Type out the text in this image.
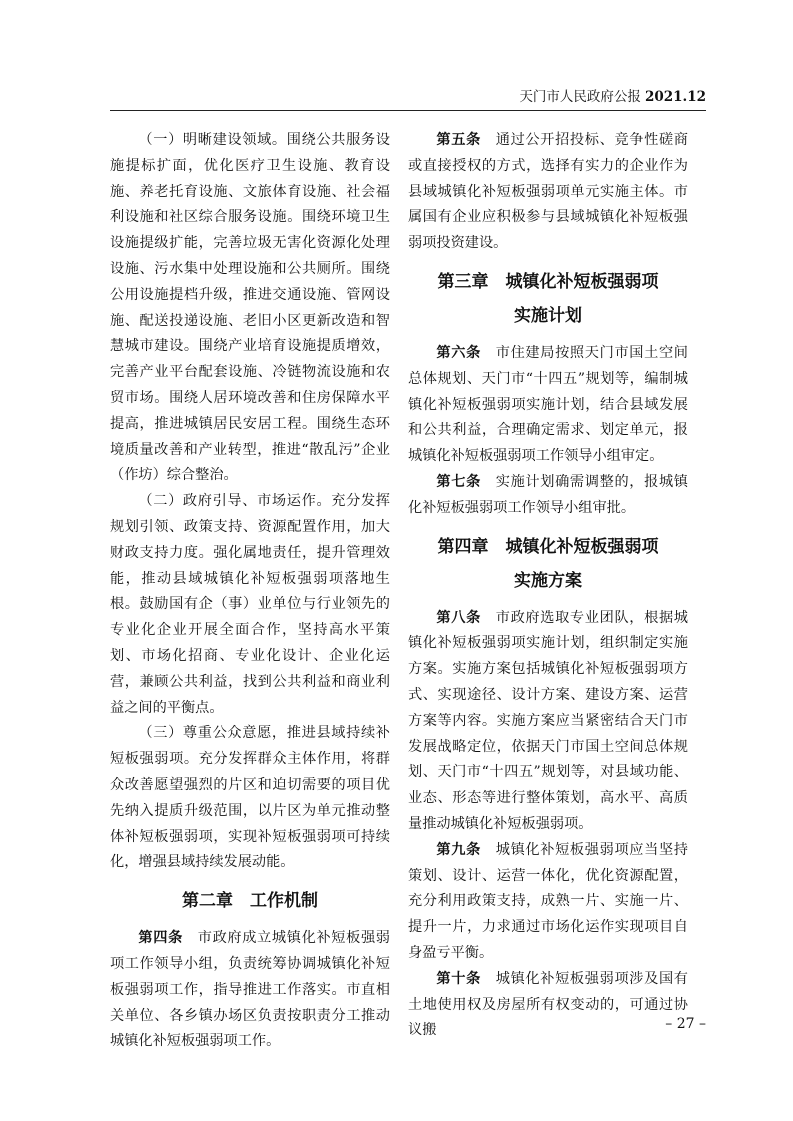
天门市人民政府公报 2021.12

（一）明晰建设领域。围绕公共服务设施提标扩面，优化医疗卫生设施、教育设施、养老托育设施、文旅体育设施、社会福利设施和社区综合服务设施。围绕环境卫生设施提级扩能，完善垃圾无害化资源化处理设施、污水集中处理设施和公共厕所。围绕公用设施提档升级，推进交通设施、管网设施、配送投递设施、老旧小区更新改造和智慧城市建设。围绕产业培育设施提质增效，完善产业平台配套设施、冷链物流设施和农贸市场。围绕人居环境改善和住房保障水平提高，推进城镇居民安居工程。围绕生态环境质量改善和产业转型，推进“散乱污”企业（作坊）综合整治。

（二）政府引导、市场运作。充分发挥规划引领、政策支持、资源配置作用，加大财政支持力度。强化属地责任，提升管理效能，推动县域城镇化补短板强弱项落地生根。鼓励国有企（事）业单位与行业领先的专业化企业开展全面合作，坚持高水平策划、市场化招商、专业化设计、企业化运营，兼顾公共利益，找到公共利益和商业利益之间的平衡点。

（三）尊重公众意愿，推进县域持续补短板强弱项。充分发挥群众主体作用，将群众改善愿望强烈的片区和迫切需要的项目优先纳入提质升级范围，以片区为单元推动整体补短板强弱项，实现补短板强弱项可持续化，增强县域持续发展动能。

第二章　工作机制

第四条　市政府成立城镇化补短板强弱项工作领导小组，负责统筹协调城镇化补短板强弱项工作，指导推进工作落实。市直相关单位、各乡镇办场区负责按职责分工推动城镇化补短板强弱项工作。

第五条　通过公开招投标、竞争性磋商或直接授权的方式，选择有实力的企业作为县域城镇化补短板强弱项单元实施主体。市属国有企业应积极参与县域城镇化补短板强弱项投资建设。

第三章　城镇化补短板强弱项
实施计划

第六条　市住建局按照天门市国土空间总体规划、天门市“十四五”规划等，编制城镇化补短板强弱项实施计划，结合县域发展和公共利益，合理确定需求、划定单元，报城镇化补短板强弱项工作领导小组审定。

第七条　实施计划确需调整的，报城镇化补短板强弱项工作领导小组审批。

第四章　城镇化补短板强弱项
实施方案

第八条　市政府选取专业团队，根据城镇化补短板强弱项实施计划，组织制定实施方案。实施方案包括城镇化补短板强弱项方式、实现途径、设计方案、建设方案、运营方案等内容。实施方案应当紧密结合天门市发展战略定位，依据天门市国土空间总体规划、天门市“十四五”规划等，对县域功能、业态、形态等进行整体策划，高水平、高质量推动城镇化补短板强弱项。

第九条　城镇化补短板强弱项应当坚持策划、设计、运营一体化，优化资源配置，充分利用政策支持，成熟一片、实施一片、提升一片，力求通过市场化运作实现项目自身盈亏平衡。

第十条　城镇化补短板强弱项涉及国有土地使用权及房屋所有权变动的，可通过协议搬	– 27 –
